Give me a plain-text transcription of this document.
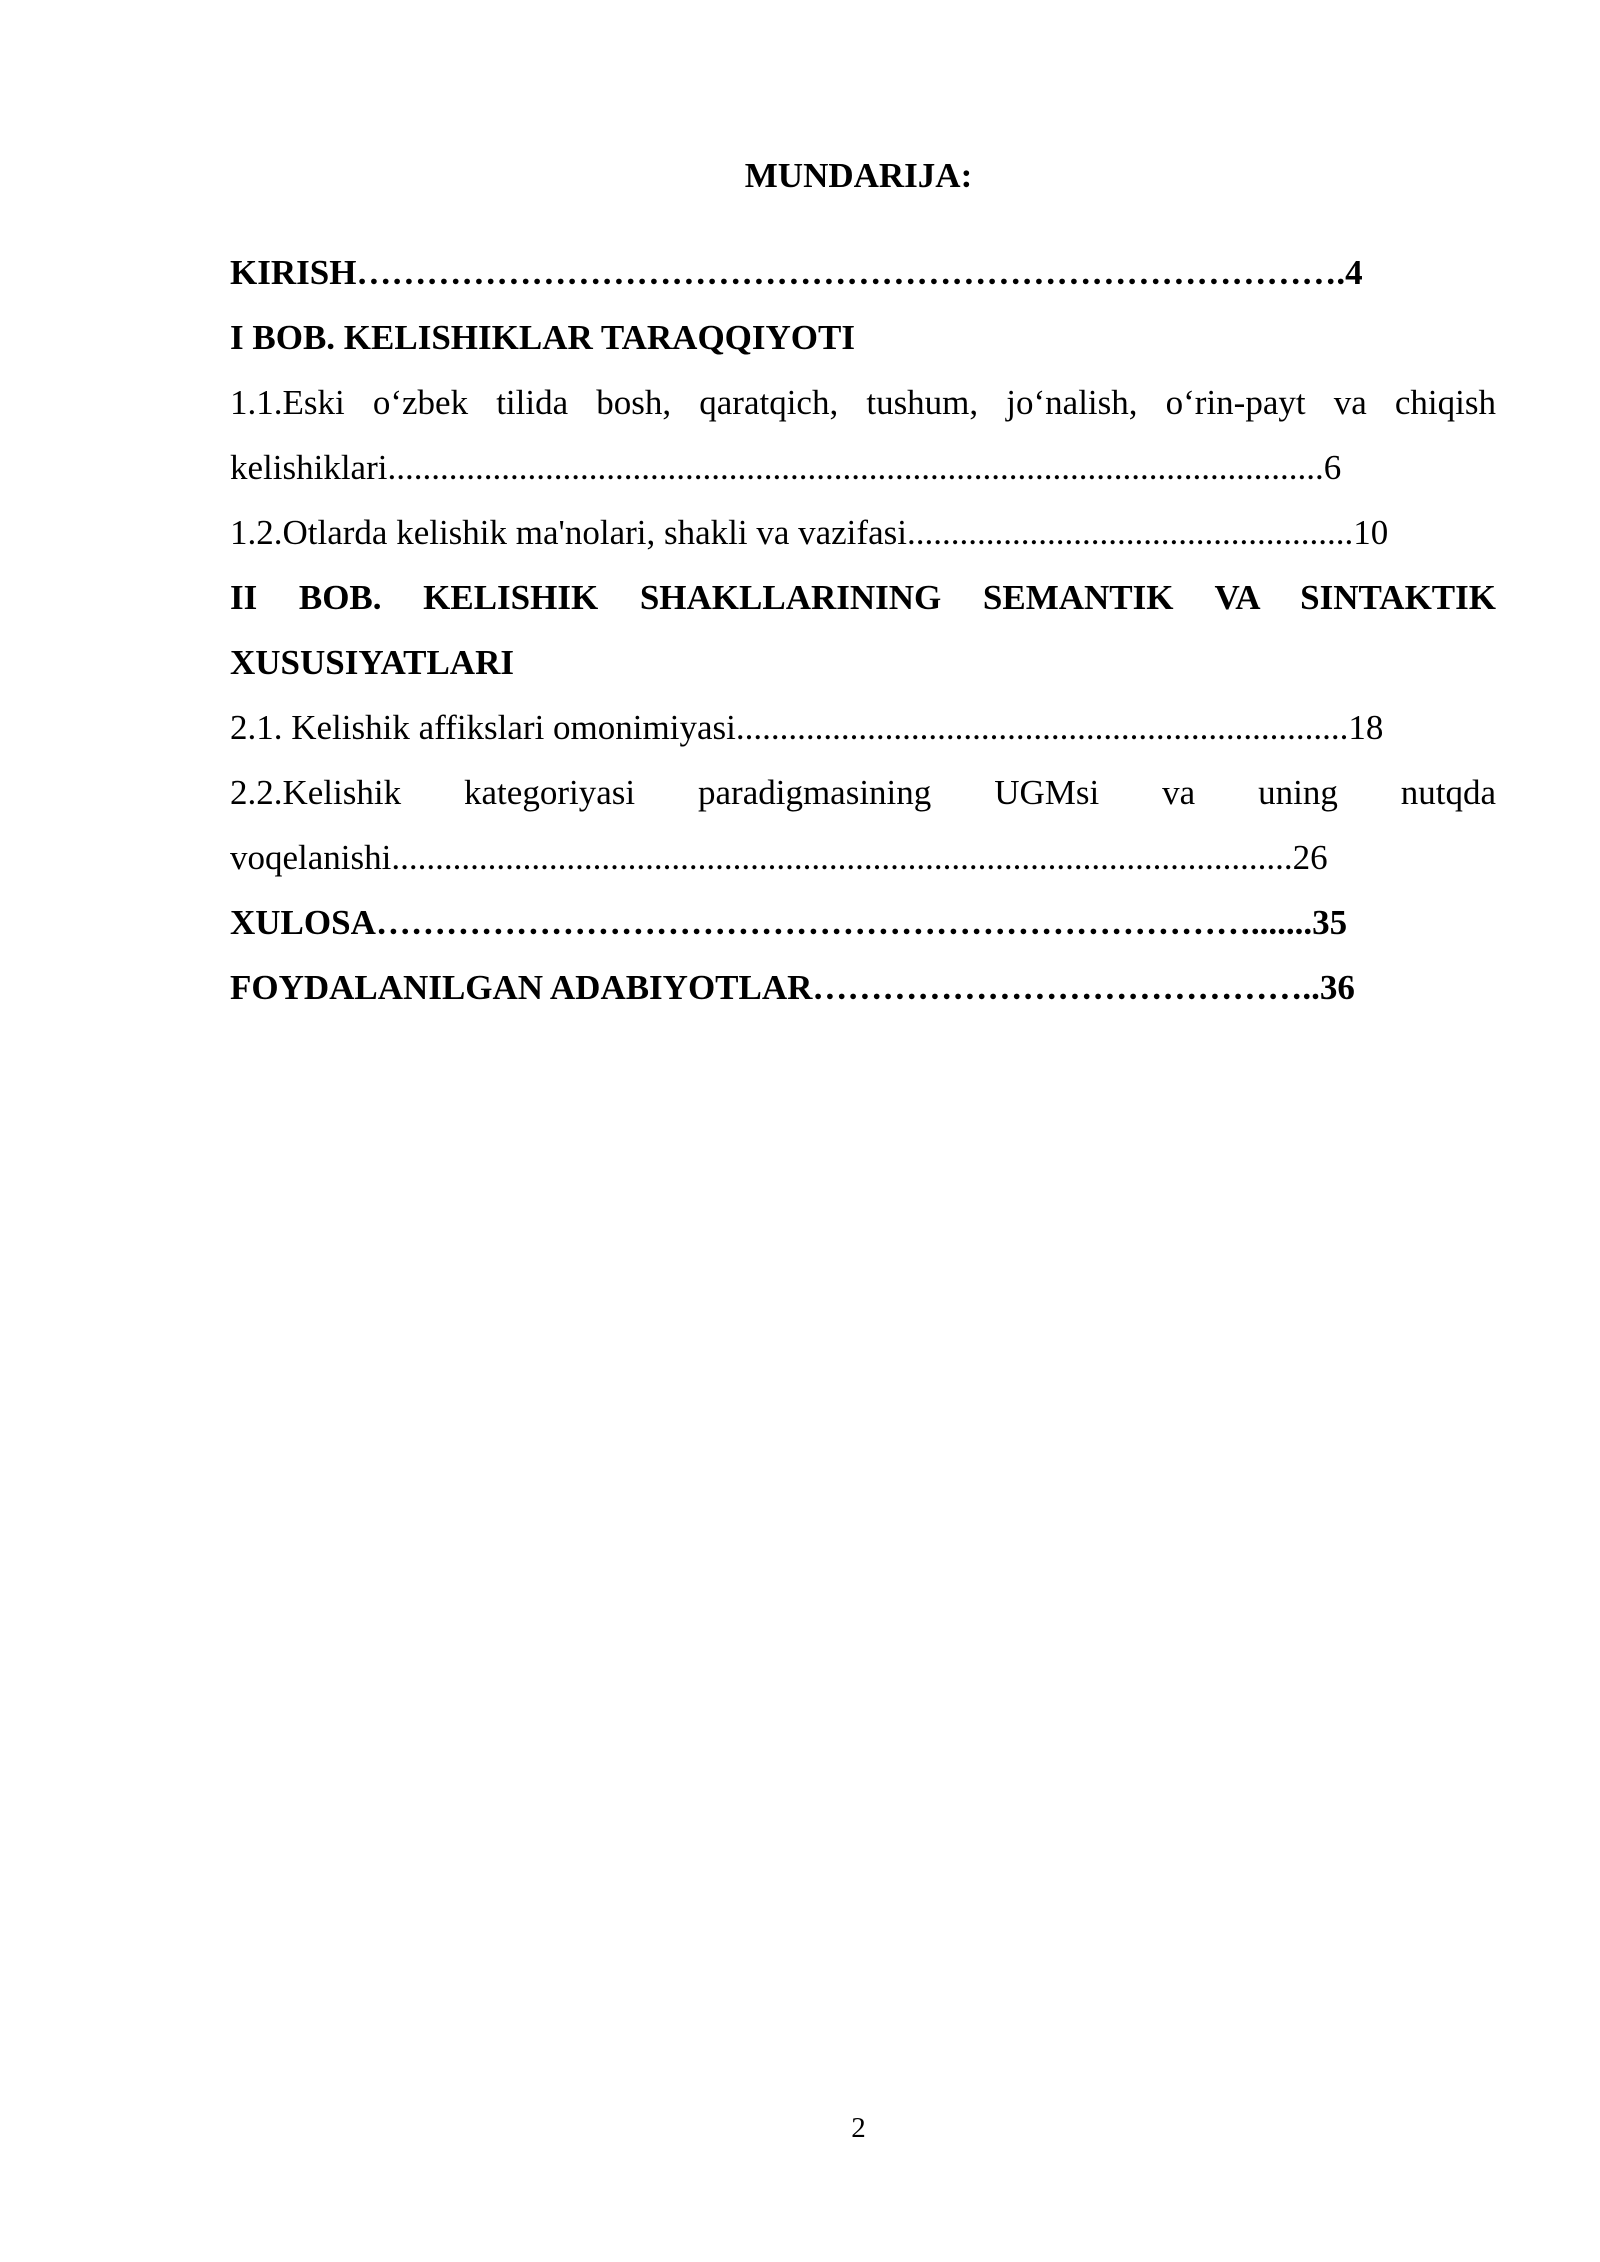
MUNDARIJA:
KIRISH………………………………………………………………………….4
I BOB. KELISHIKLAR TARAQQIYOTI
1.1.Eski o‘zbek tilida bosh, qaratqich, tushum, jo‘nalish, o‘rin-payt va chiqish
kelishiklari...........................................................................................................6
1.2.Otlarda kelishik ma'nolari, shakli va vazifasi...................................................10
II BOB. KELISHIK SHAKLLARINING SEMANTIK VA SINTAKTIK
XUSUSIYATLARI
2.1. Kelishik affikslari omonimiyasi......................................................................18
2.2.Kelishik kategoriyasi paradigmasining UGMsi va uning nutqda
voqelanishi.......................................................................................................26
XULOSA………………………………………………………………….......35
FOYDALANILGAN ADABIYOTLAR……………………………………..36
2
